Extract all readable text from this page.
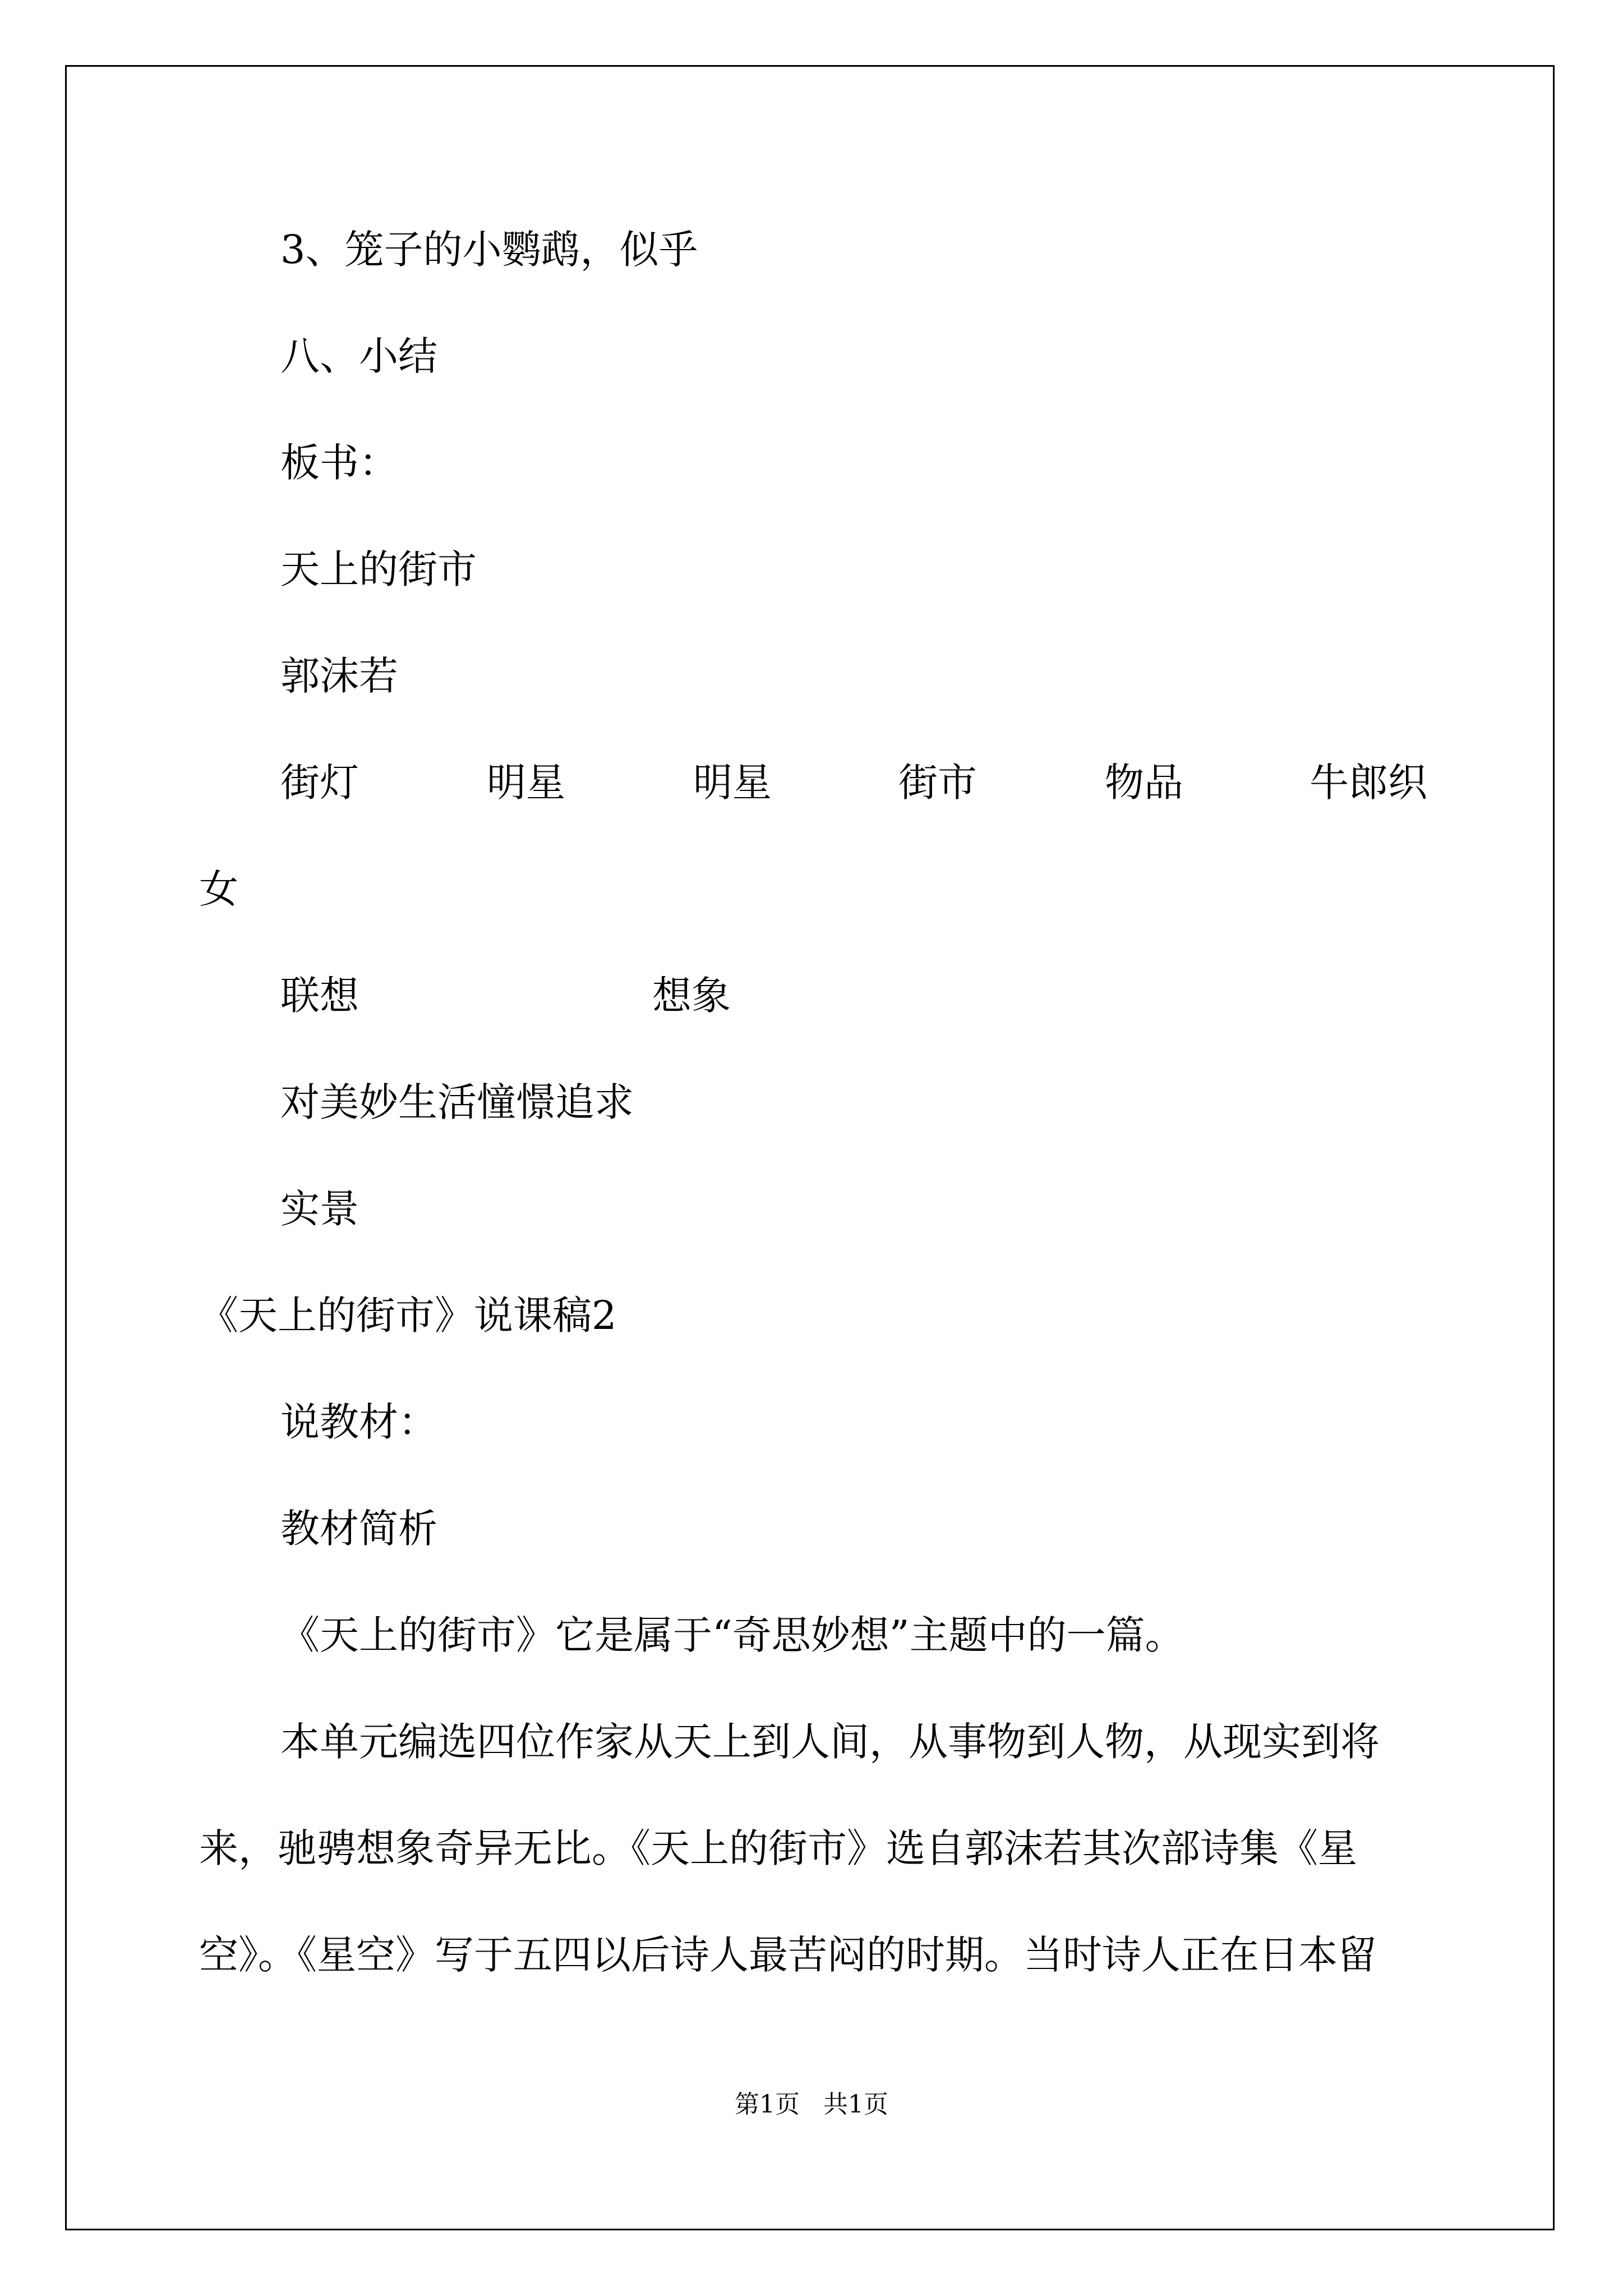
3、笼子的小鹦鹉，似乎

八、小结

板书：

天上的街市

郭沫若

街灯	明星	明星	街市	物品	牛郎织

女

联想	想象

对美妙生活憧憬追求

实景

《天上的街市》说课稿2

说教材：

教材简析

《天上的街市》它是属于“奇思妙想”主题中的一篇。

本单元编选四位作家从天上到人间，从事物到人物，从现实到将

来，驰骋想象奇异无比。《天上的街市》选自郭沫若其次部诗集《星

空》。《星空》写于五四以后诗人最苦闷的时期。当时诗人正在日本留

第1页   共1页
